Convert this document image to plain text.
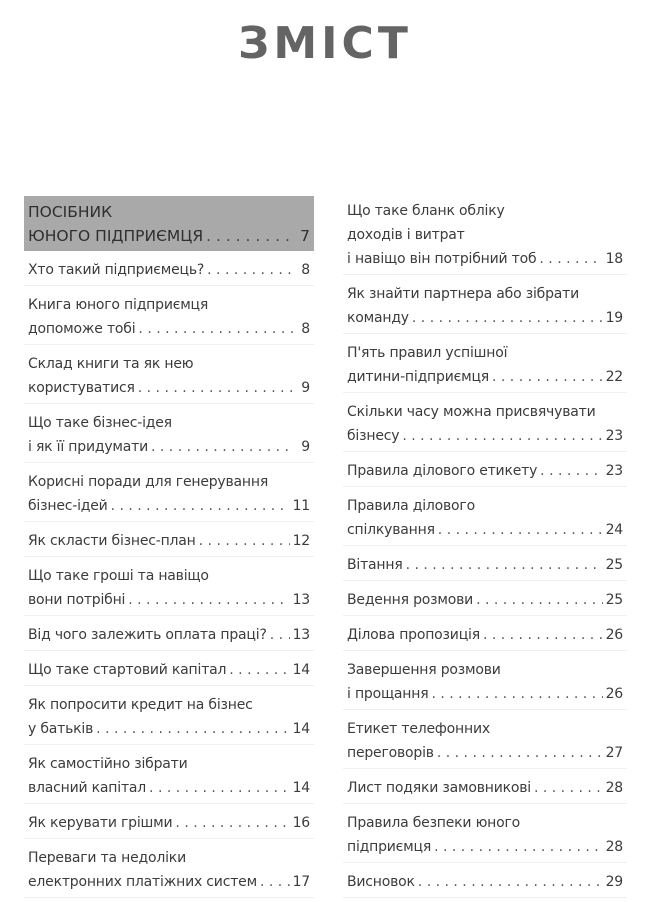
ЗМІСТ
ПОСІБНИК
ЮНОГО ПІДПРИЄМЦЯ . . .	7
Хто такий підприємець? . . .	8
Книга юного підприємця
допоможе тобі . . .	8
Склад книги та як нею
користуватися . . .	9
Що таке бізнес-ідея
і як її придумати . . .	9
Корисні поради для генерування
бізнес-ідей . . .	11
Як скласти бізнес-план . . .	12
Що таке гроші та навіщо
вони потрібні . . .	13
Від чого залежить оплата праці? . . . 13
Що таке стартовий капітал . . .	14
Як попросити кредит на бізнес
у батьків . . .	14
Як самостійно зібрати
власний капітал . . .	14
Як керувати грішми . . .	16
Переваги та недоліки
електронних платіжних систем . . .	17
Що таке бланк обліку
доходів і витрат
і навіщо він потрібний тоб . . .	18
Як знайти партнера або зібрати
команду . . .	19
П'ять правил успішної
дитини-підприємця . . .	22
Скільки часу можна присвячувати
бізнесу . . .	23
Правила ділового етикету . . .	23
Правила ділового
спілкування . . .	24
Вітання . . .	25
Ведення розмови . . .	25
Ділова пропозиція . . .	26
Завершення розмови
і прощання . . .	26
Етикет телефонних
переговорів . . .	27
Лист подяки замовникові . . .	28
Правила безпеки юного
підприємця . . .	28
Висновок . . .	29
